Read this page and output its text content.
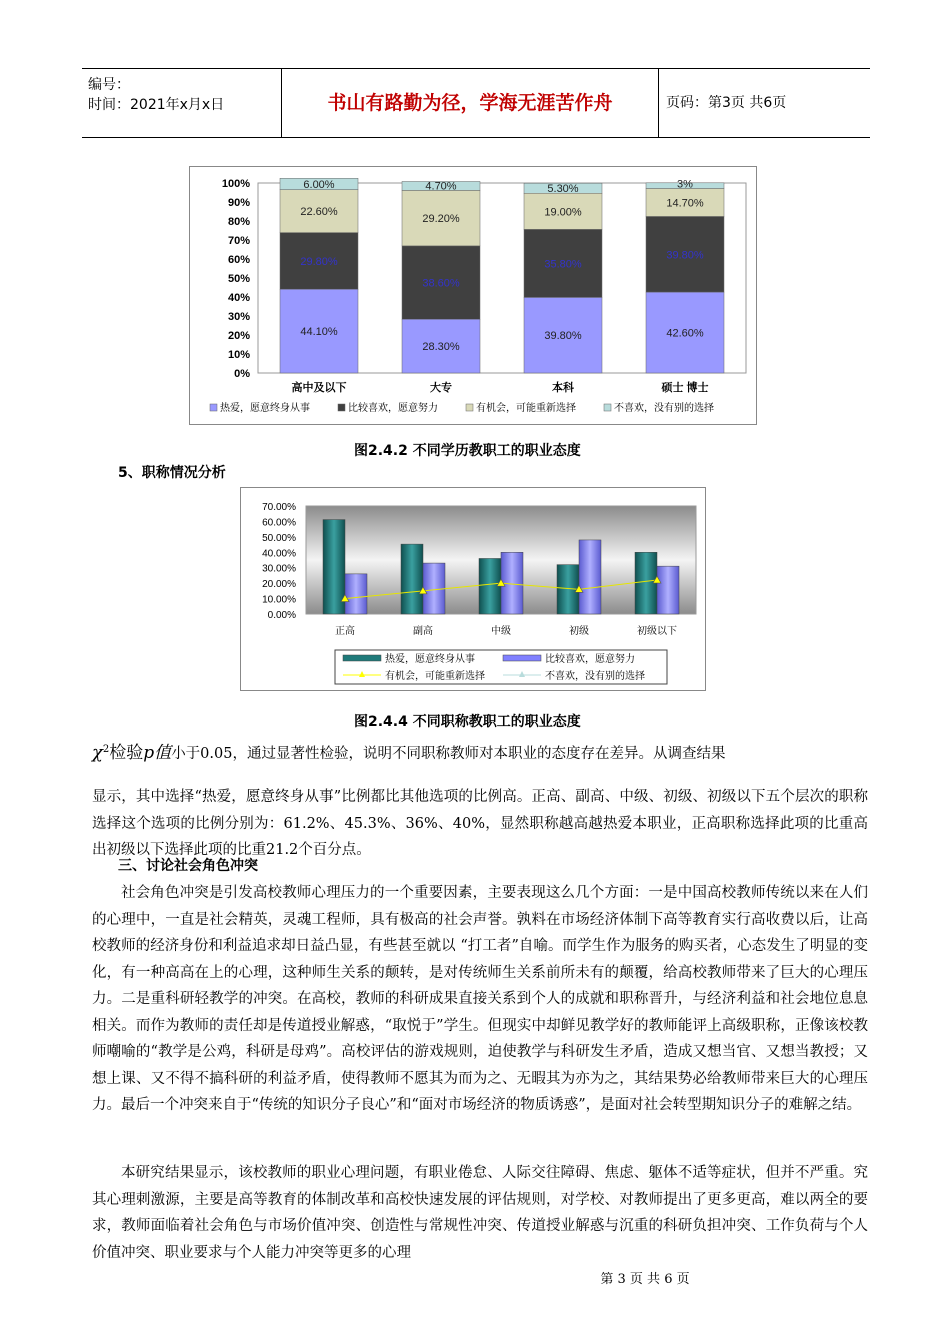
编号：
时间：2021年x月x日	书山有路勤为径，学海无涯苦作舟	页码：第3页 共6页
0%
10%
20%
30%
40%
50%
60%
70%
80%
90%
100%
44.10%
29.80%
22.60%
6.00%
高中及以下
28.30%
38.60%
29.20%
4.70%
大专
39.80%
35.80%
19.00%
5.30%
本科
42.60%
39.80%
14.70%
3%
硕士 博士
热爱，愿意终身从事	比较喜欢，愿意努力	有机会，可能重新选择	不喜欢，没有别的选择
图2.4.2 不同学历教职工的职业态度
5、职称情况分析
0.00%
10.00%
20.00%
30.00%
40.00%
50.00%
60.00%
70.00%
正高	副高	中级	初级	初级以下
热爱，愿意终身从事	比较喜欢，愿意努力
有机会，可能重新选择	不喜欢，没有别的选择
图2.4.4 不同职称教职工的职业态度
$\chi^2$检验p值小于0.05，通过显著性检验，说明不同职称教师对本职业的态度存在差异。从调查结果

显示，其中选择“热爱，愿意终身从事”比例都比其他选项的比例高。正高、副高、中级、初级、初级以下五个层次的职称选择这个选项的比例分别为：61.2%、45.3%、36%、40%，显然职称越高越热爱本职业，正高职称选择此项的比重高出初级以下选择此项的比重21.2个百分点。

三、讨论社会角色冲突

社会角色冲突是引发高校教师心理压力的一个重要因素，主要表现这么几个方面：一是中国高校教师传统以来在人们的心理中，一直是社会精英，灵魂工程师，具有极高的社会声誉。孰料在市场经济体制下高等教育实行高收费以后，让高校教师的经济身份和利益追求却日益凸显，有些甚至就以 “打工者”自喻。而学生作为服务的购买者，心态发生了明显的变化，有一种高高在上的心理，这种师生关系的颠转，是对传统师生关系前所未有的颠覆，给高校教师带来了巨大的心理压力。二是重科研轻教学的冲突。在高校，教师的科研成果直接关系到个人的成就和职称晋升，与经济利益和社会地位息息相关。而作为教师的责任却是传道授业解惑，“取悦于”学生。但现实中却鲜见教学好的教师能评上高级职称，正像该校教师嘲喻的“教学是公鸡，科研是母鸡”。高校评估的游戏规则，迫使教学与科研发生矛盾，造成又想当官、又想当教授；又想上课、又不得不搞科研的利益矛盾，使得教师不愿其为而为之、无暇其为亦为之，其结果势必给教师带来巨大的心理压力。最后一个冲突来自于“传统的知识分子良心”和“面对市场经济的物质诱惑”，是面对社会转型期知识分子的难解之结。

本研究结果显示，该校教师的职业心理问题，有职业倦怠、人际交往障碍、焦虑、躯体不适等症状，但并不严重。究其心理刺激源，主要是高等教育的体制改革和高校快速发展的评估规则，对学校、对教师提出了更多更高，难以两全的要求，教师面临着社会角色与市场价值冲突、创造性与常规性冲突、传道授业解惑与沉重的科研负担冲突、工作负荷与个人价值冲突、职业要求与个人能力冲突等更多的心理

第 3 页 共 6 页
